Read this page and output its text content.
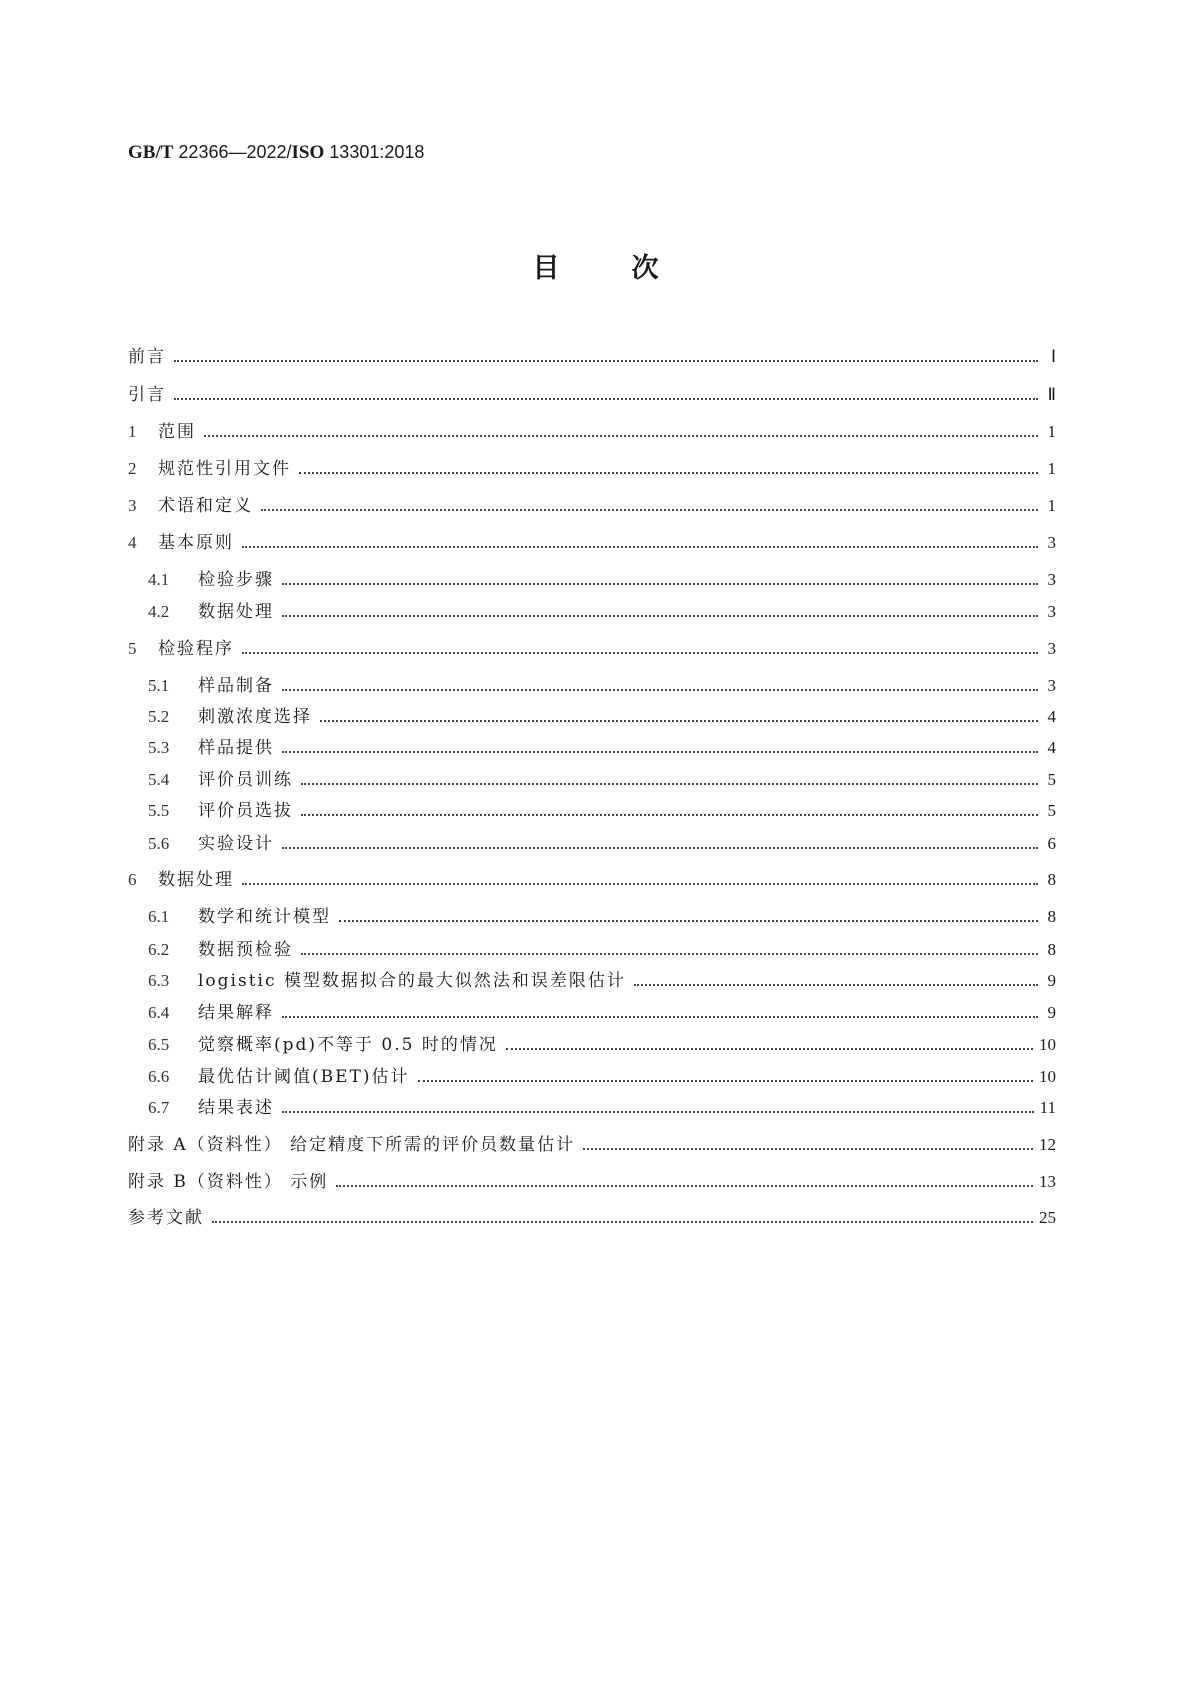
GB/T 22366—2022/ISO 13301:2018
目	次
前言	Ⅰ
引言	Ⅱ
1	范围	1
2	规范性引用文件	1
3	术语和定义	1
4	基本原则	3
4.1	检验步骤	3
4.2	数据处理	3
5	检验程序	3
5.1	样品制备	3
5.2	刺激浓度选择	4
5.3	样品提供	4
5.4	评价员训练	5
5.5	评价员选拔	5
5.6	实验设计	6
6	数据处理	8
6.1	数学和统计模型	8
6.2	数据预检验	8
6.3	logistic 模型数据拟合的最大似然法和误差限估计	9
6.4	结果解释	9
6.5	觉察概率(pd)不等于 0.5 时的情况	10
6.6	最优估计阈值(BET)估计	10
6.7	结果表述	11
附录 A（资料性） 给定精度下所需的评价员数量估计	12
附录 B（资料性） 示例	13
参考文献	25
